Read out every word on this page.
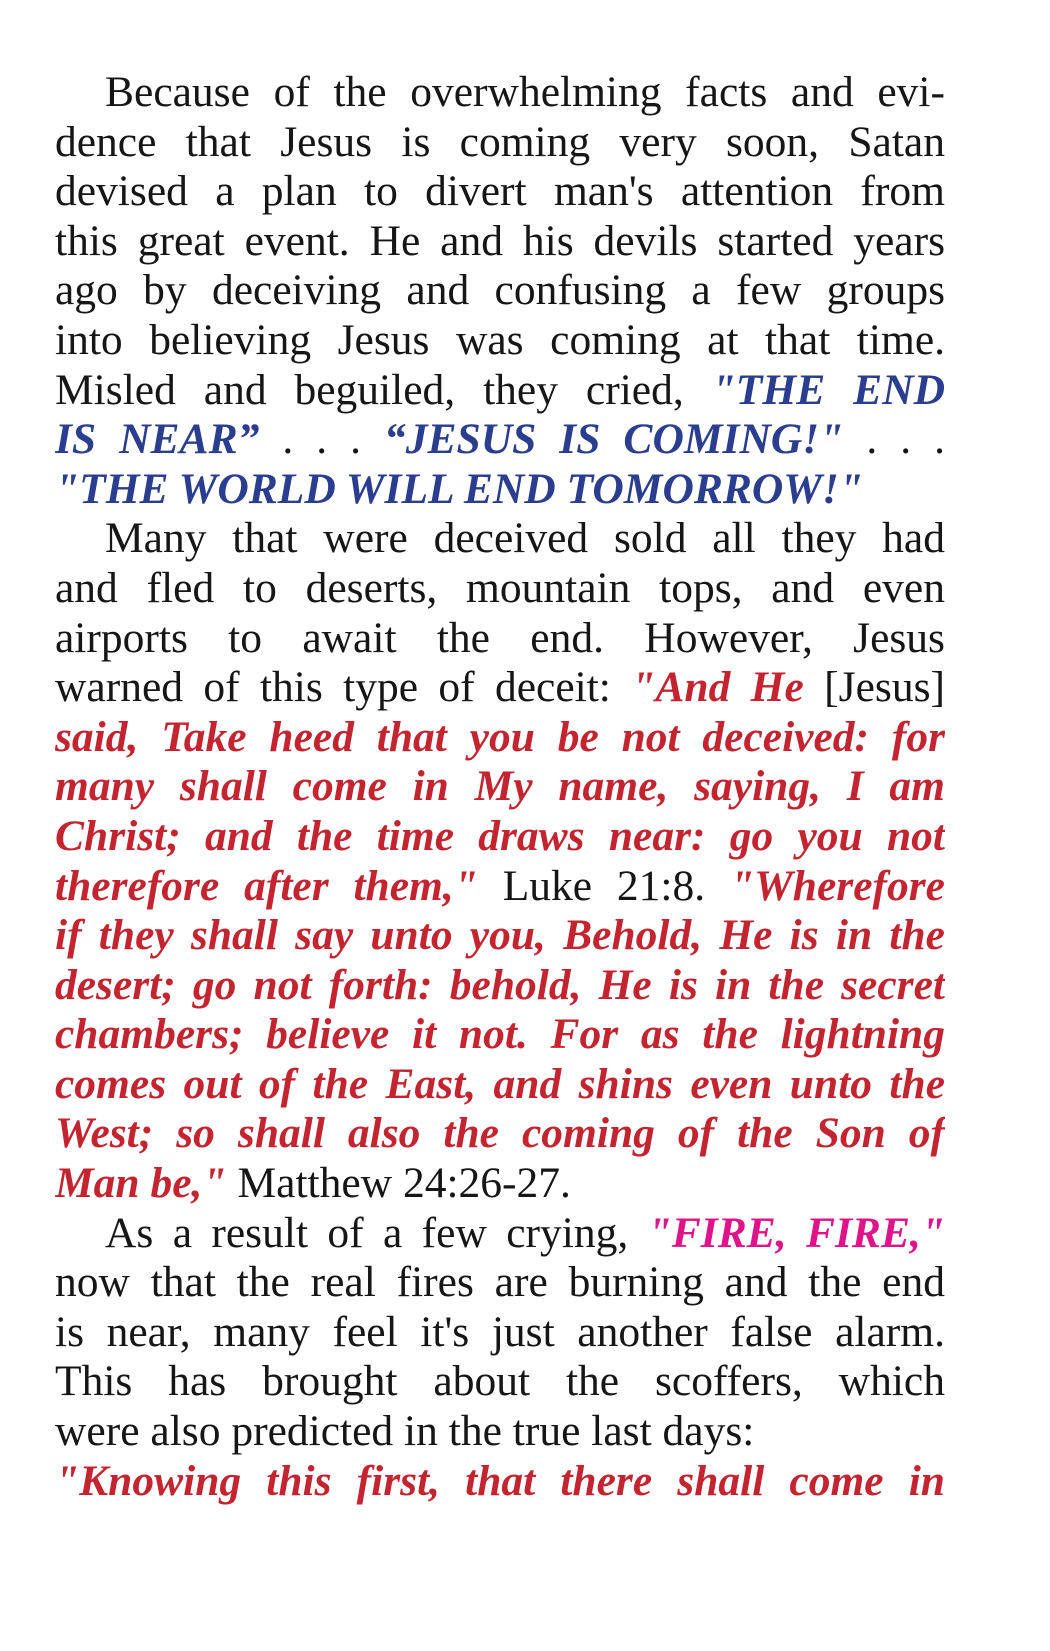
Because of the overwhelming facts and evi-
dence that Jesus is coming very soon, Satan
devised a plan to divert man's attention from
this great event. He and his devils started years
ago by deceiving and confusing a few groups
into believing Jesus was coming at that time.
Misled and beguiled, they cried, "THE END
IS NEAR” . . . “JESUS IS COMING!" . . .
"THE WORLD WILL END TOMORROW!"
Many that were deceived sold all they had
and fled to deserts, mountain tops, and even
airports to await the end. However, Jesus
warned of this type of deceit: "And He [Jesus]
said, Take heed that you be not deceived: for
many shall come in My name, saying, I am
Christ; and the time draws near: go you not
therefore after them," Luke 21:8. "Wherefore
if they shall say unto you, Behold, He is in the
desert; go not forth: behold, He is in the secret
chambers; believe it not. For as the lightning
comes out of the East, and shins even unto the
West; so shall also the coming of the Son of
Man be," Matthew 24:26-27.
As a result of a few crying, "FIRE, FIRE,"
now that the real fires are burning and the end
is near, many feel it's just another false alarm.
This has brought about the scoffers, which
were also predicted in the true last days:
"Knowing this first, that there shall come in
